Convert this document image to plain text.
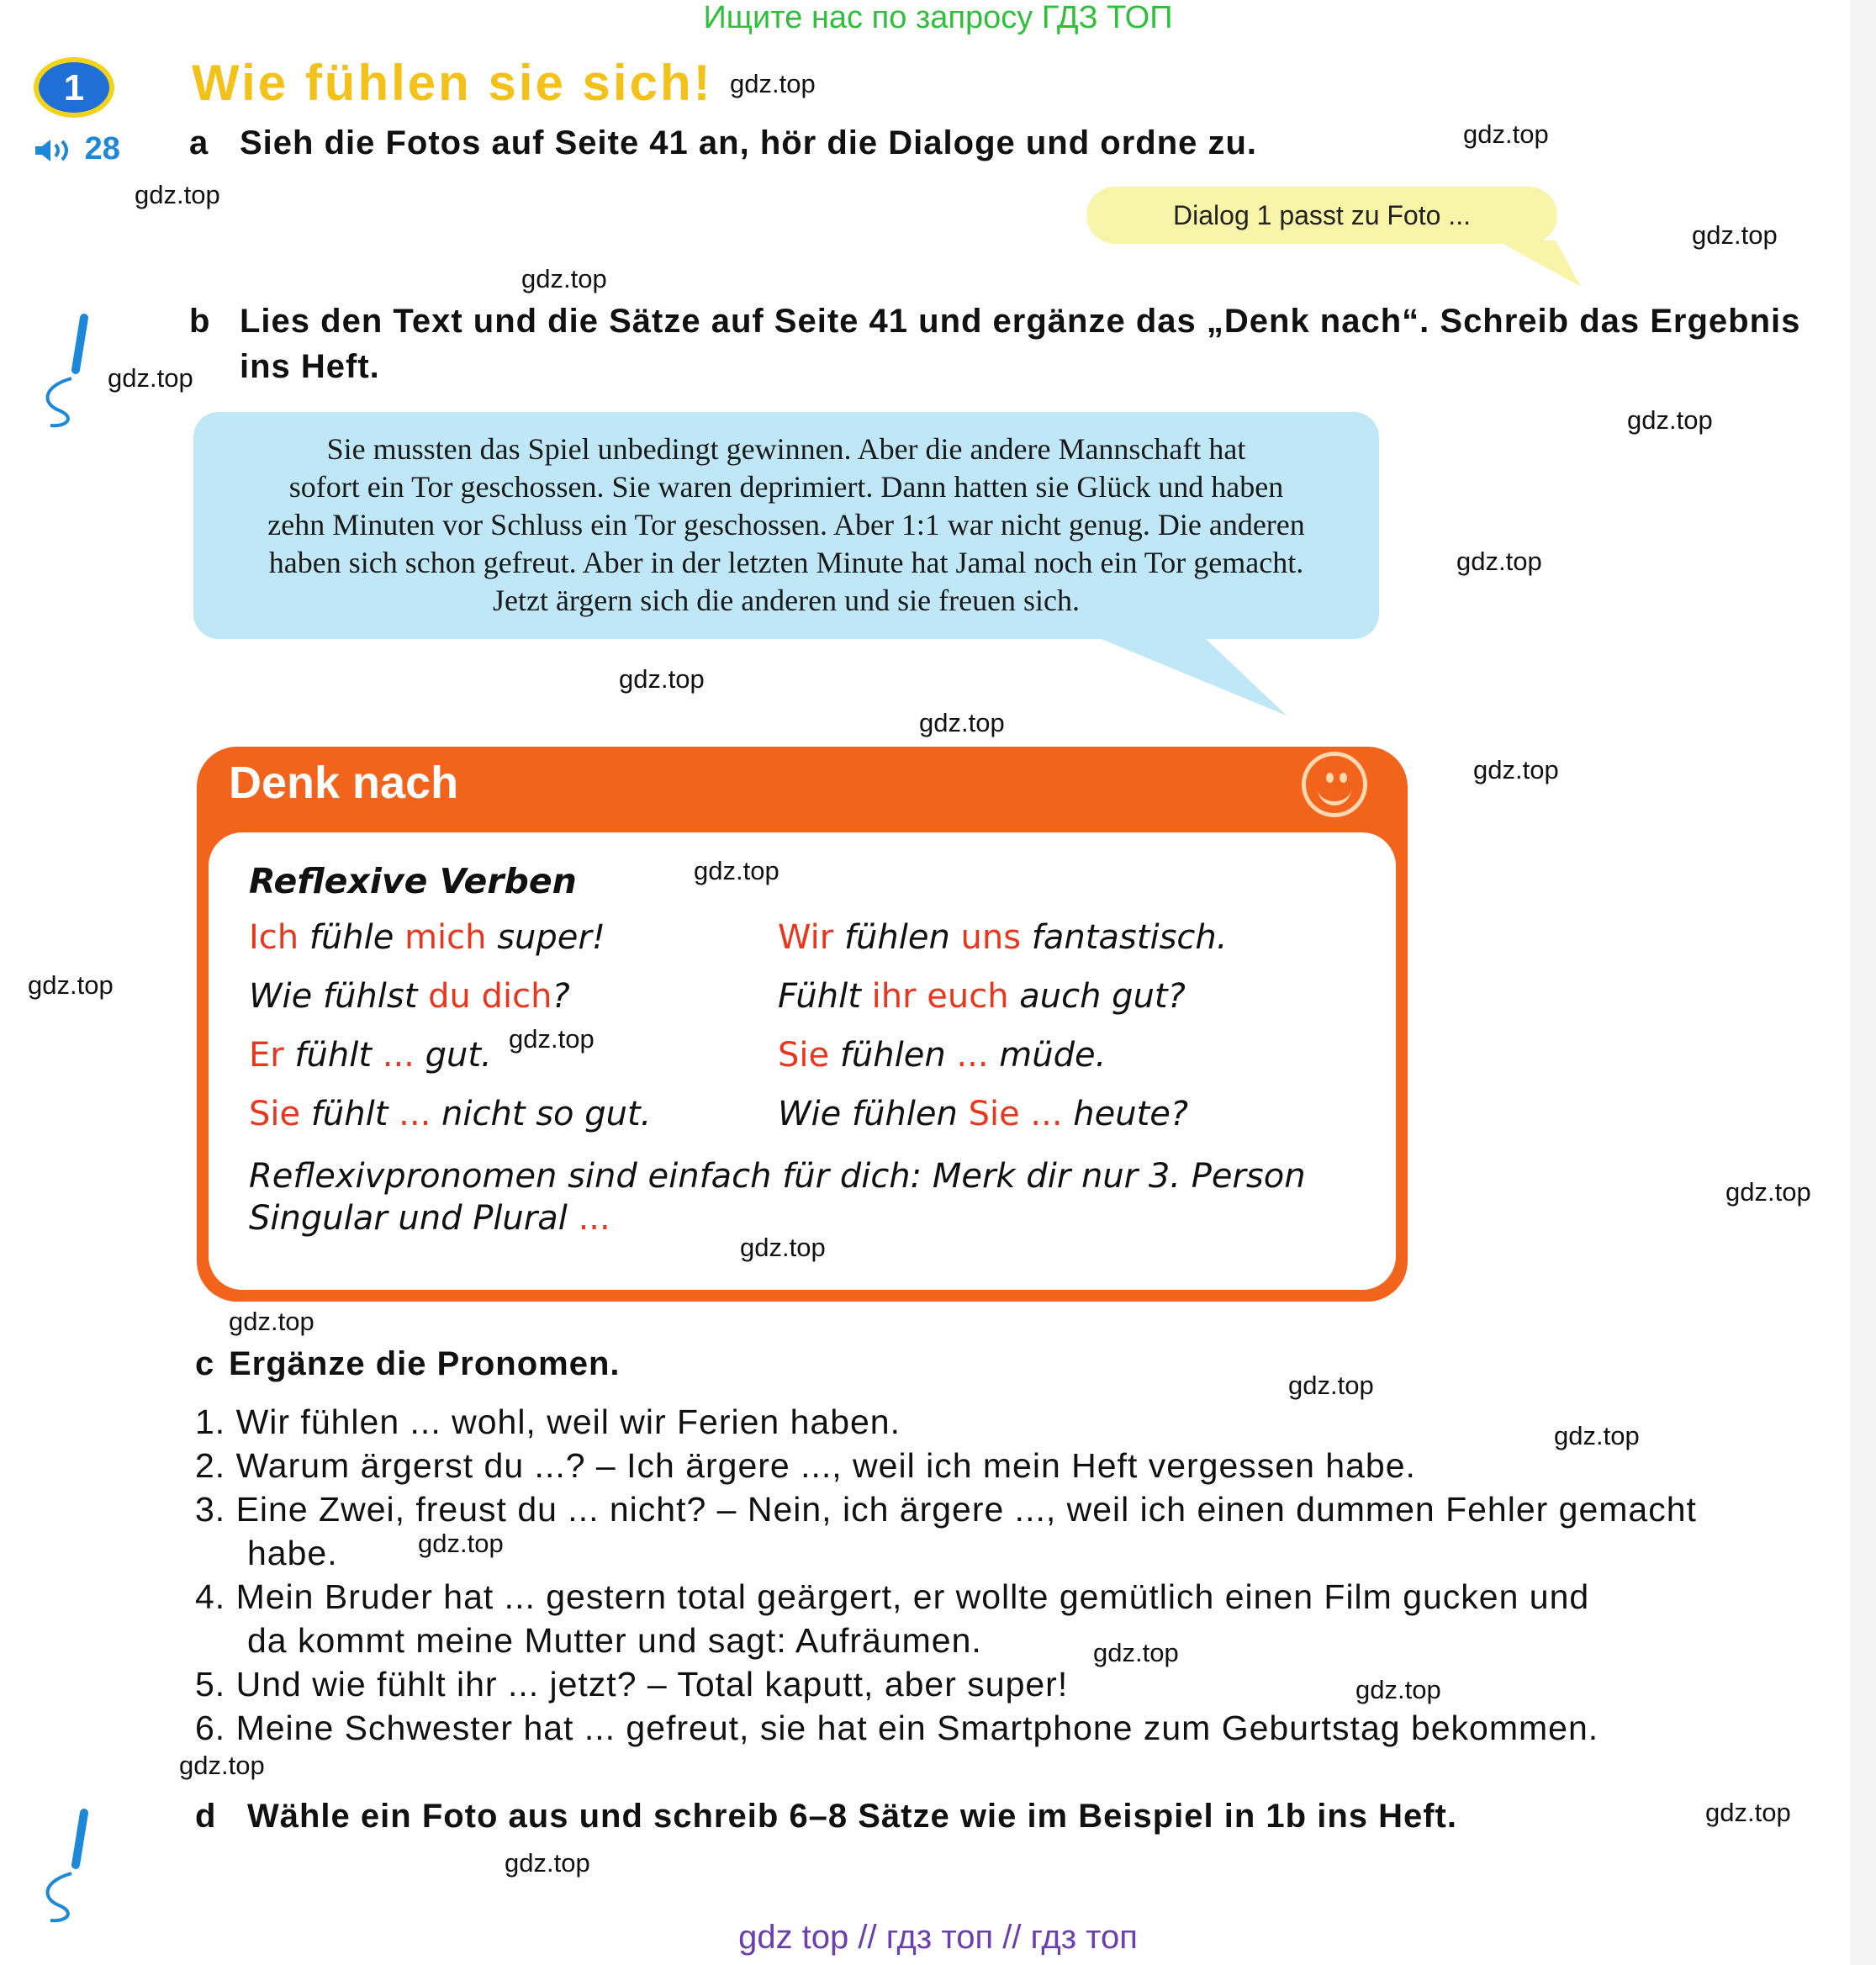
Ищите нас по запросу ГДЗ ТОП
1	Wie fühlen sie sich!
28 a Sieh die Fotos auf Seite 41 an, hör die Dialoge und ordne zu.
Dialog 1 passt zu Foto ...
b Lies den Text und die Sätze auf Seite 41 und ergänze das „Denk nach“. Schreib das Ergebnis
ins Heft.
Sie mussten das Spiel unbedingt gewinnen. Aber die andere Mannschaft hat
sofort ein Tor geschossen. Sie waren deprimiert. Dann hatten sie Glück und haben
zehn Minuten vor Schluss ein Tor geschossen. Aber 1:1 war nicht genug. Die anderen
haben sich schon gefreut. Aber in der letzten Minute hat Jamal noch ein Tor gemacht.
Jetzt ärgern sich die anderen und sie freuen sich.
Denk nach
Reflexive Verben
Ich fühle mich super!
Wie fühlst du dich?
Er fühlt ... gut.
Sie fühlt ... nicht so gut.
Wir fühlen uns fantastisch.
Fühlt ihr euch auch gut?
Sie fühlen ... müde.
Wie fühlen Sie ... heute?
Reflexivpronomen sind einfach für dich: Merk dir nur 3. Person
Singular und Plural ...
c Ergänze die Pronomen.
1. Wir fühlen ... wohl, weil wir Ferien haben.
2. Warum ärgerst du ...? – Ich ärgere ..., weil ich mein Heft vergessen habe.
3. Eine Zwei, freust du ... nicht? – Nein, ich ärgere ..., weil ich einen dummen Fehler gemacht
habe.
4. Mein Bruder hat ... gestern total geärgert, er wollte gemütlich einen Film gucken und
da kommt meine Mutter und sagt: Aufräumen.
5. Und wie fühlt ihr ... jetzt? – Total kaputt, aber super!
6. Meine Schwester hat ... gefreut, sie hat ein Smartphone zum Geburtstag bekommen.
d Wähle ein Foto aus und schreib 6–8 Sätze wie im Beispiel in 1b ins Heft.
gdz.top
gdz.top
gdz.top
gdz.top
gdz.top
gdz.top
gdz.top
gdz.top
gdz.top
gdz.top
gdz.top
gdz.top
gdz.top
gdz.top
gdz.top
gdz.top
gdz.top
gdz.top
gdz.top
gdz.top
gdz.top
gdz.top
gdz.top
gdz.top
gdz.top
gdz top // гдз топ // гдз топ
